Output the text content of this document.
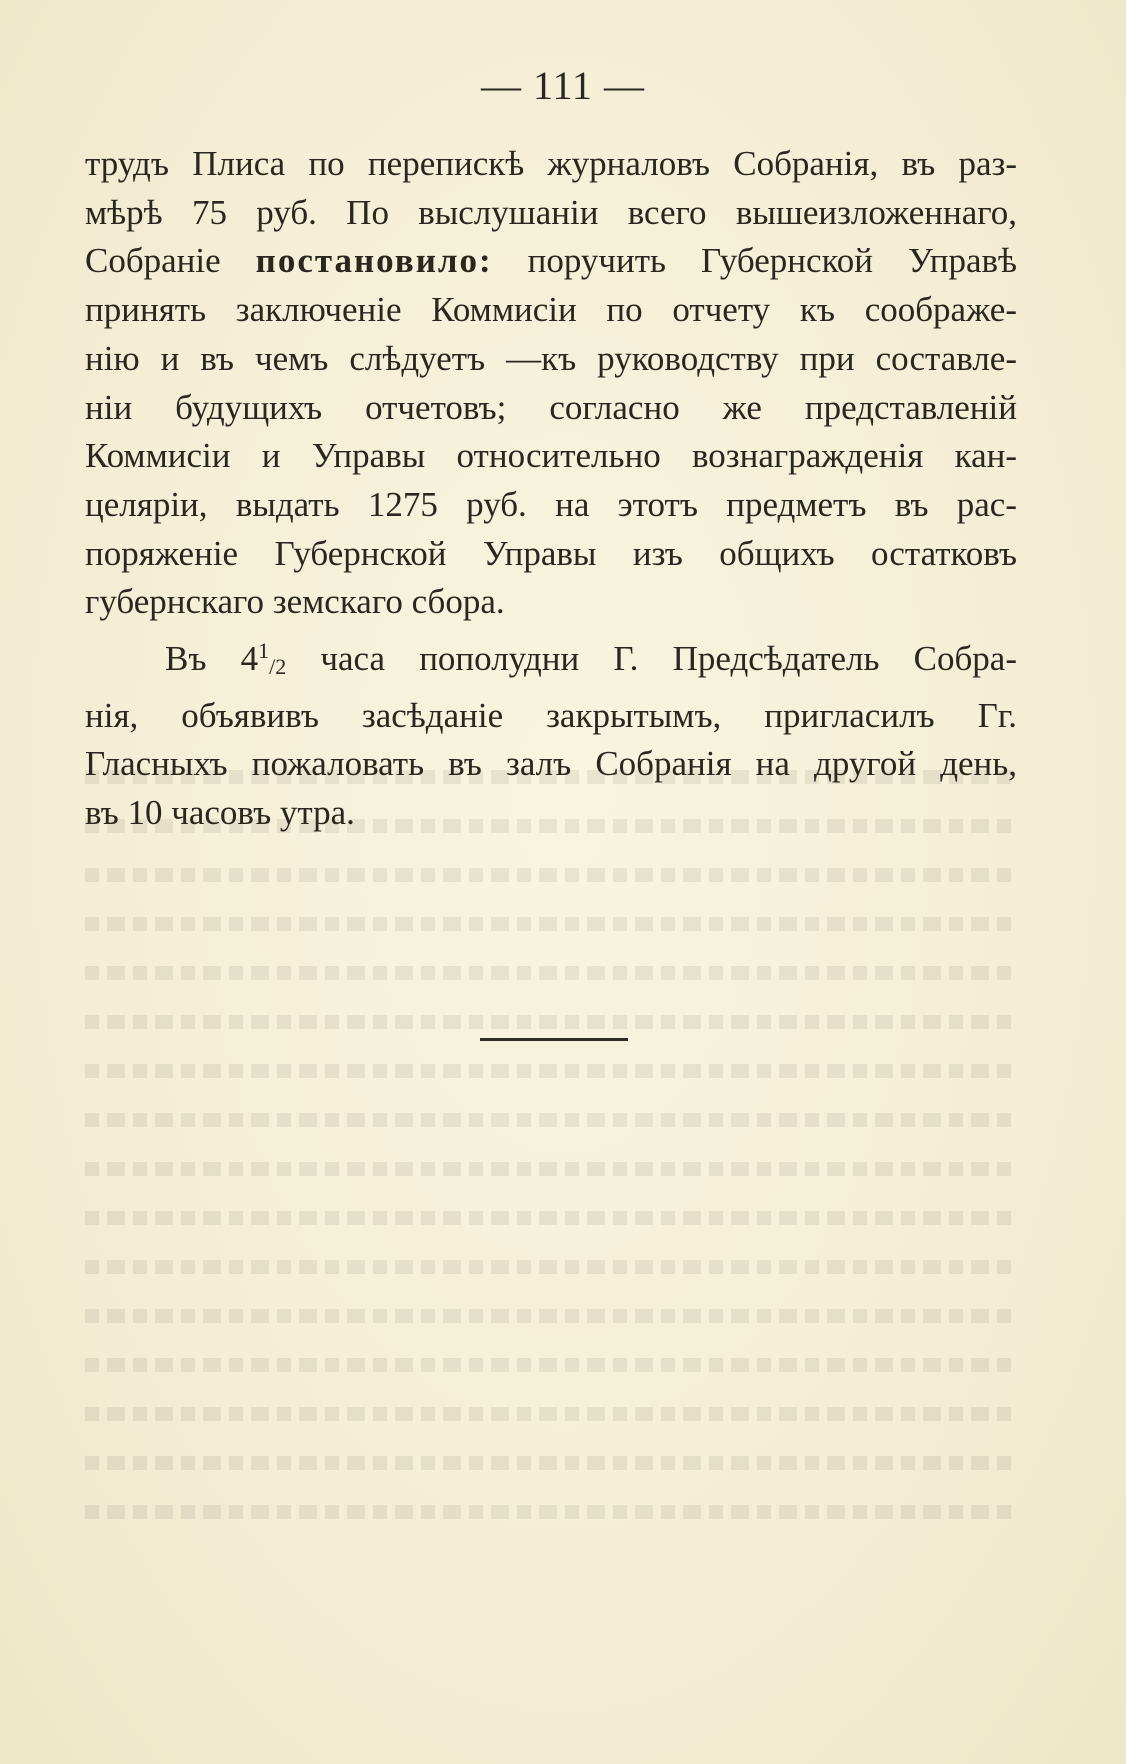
— 111 —
трудъ Плиса по перепискѣ журналовъ Собранія, въ раз-
мѣрѣ 75 руб. По выслушаніи всего вышеизложеннаго,
Собраніе постановило: поручить Губернской Управѣ
принять заключеніе Коммисіи по отчету къ соображе-
нію и въ чемъ слѣдуетъ —къ руководству при составле-
ніи будущихъ отчетовъ; согласно же представленій
Коммисіи и Управы относительно вознагражденія кан-
целяріи, выдать 1275 руб. на этотъ предметъ въ рас-
поряженіе Губернской Управы изъ общихъ остатковъ
губернскаго земскаго сбора.
Въ $4^1/2$ часа пополудни Г. Предсѣдатель Собра-
нія, объявивъ засѣданіе закрытымъ, пригласилъ Гг.
Гласныхъ пожаловать въ залъ Собранія на другой день,
въ 10 часовъ утра.
